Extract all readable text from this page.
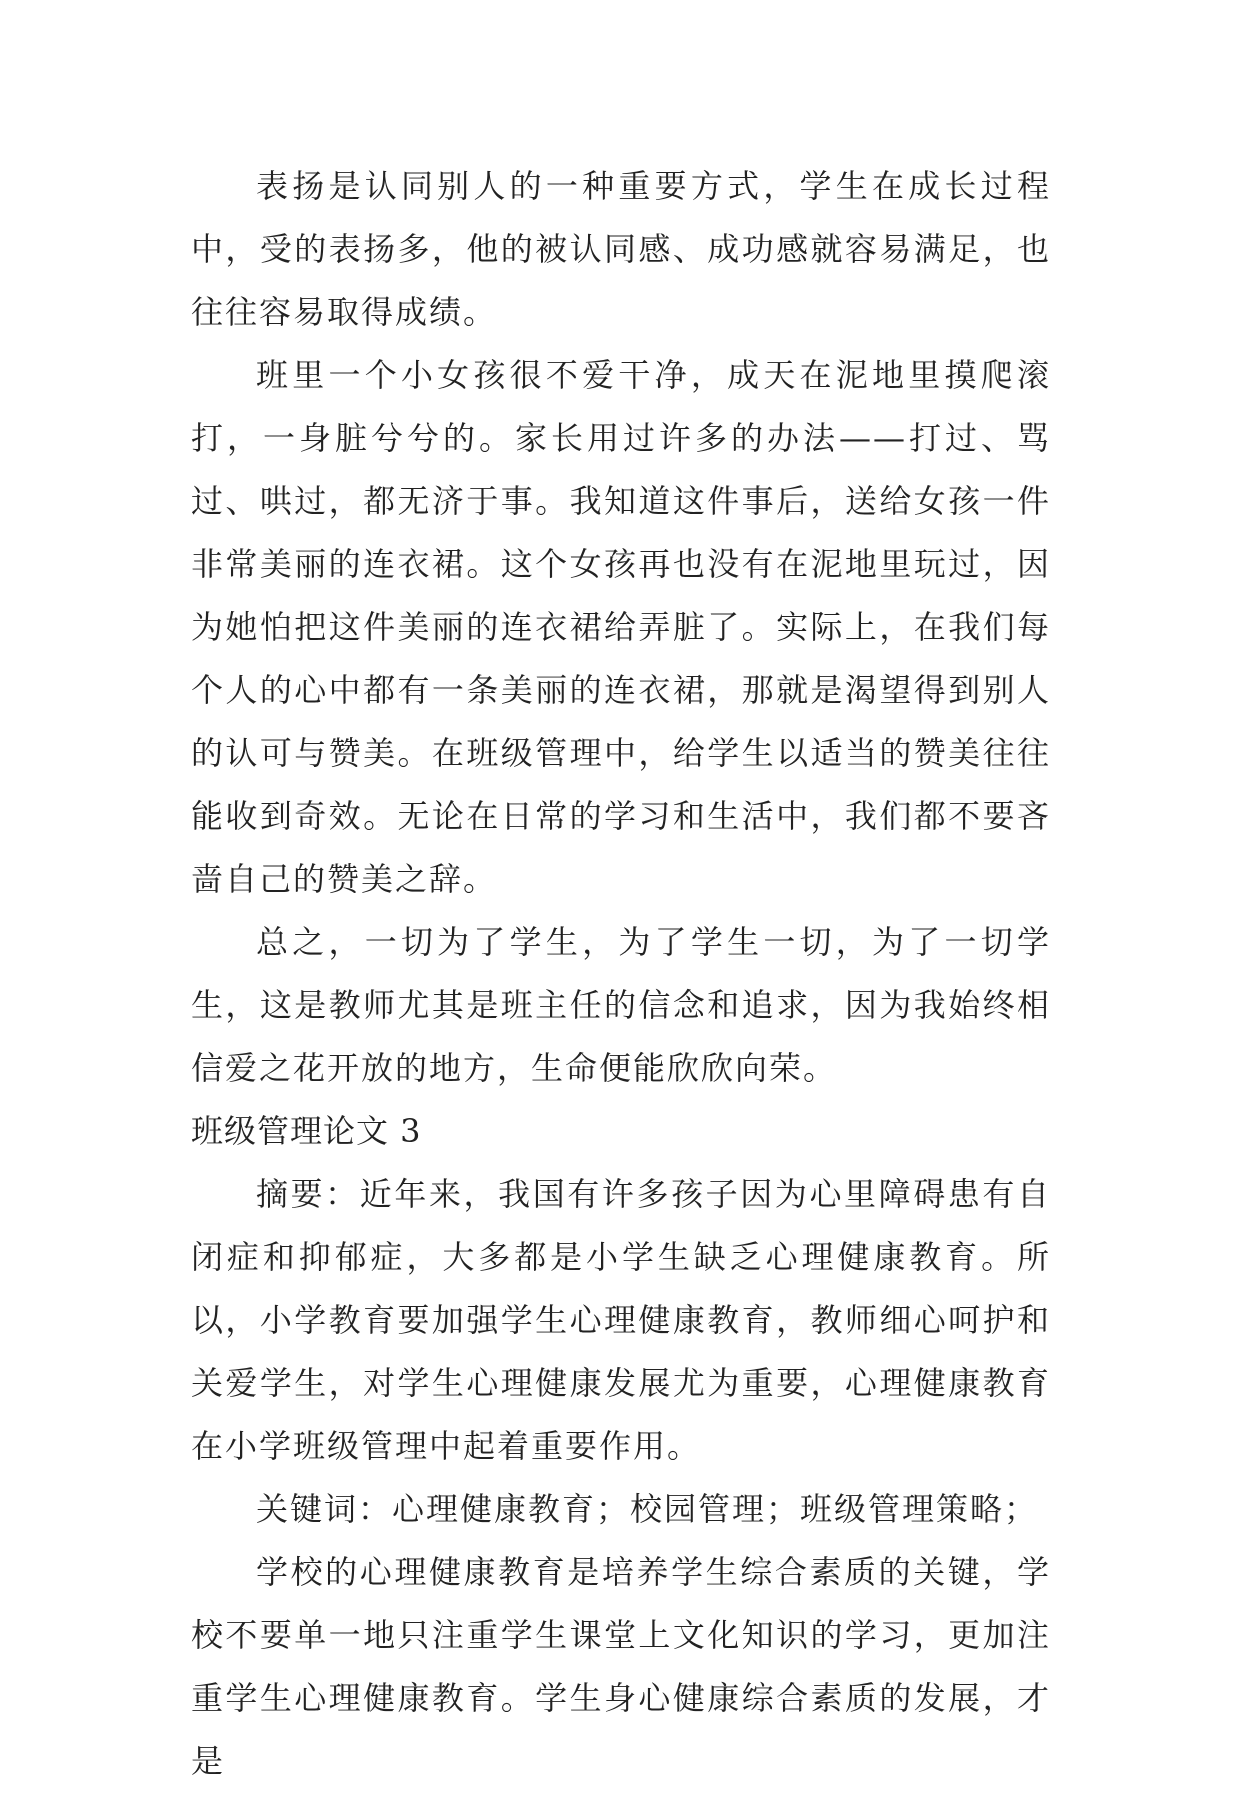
表扬是认同别人的一种重要方式，学生在成长过程中，受的表扬多，他的被认同感、成功感就容易满足，也往往容易取得成绩。

班里一个小女孩很不爱干净，成天在泥地里摸爬滚打，一身脏兮兮的。家长用过许多的办法——打过、骂过、哄过，都无济于事。我知道这件事后，送给女孩一件非常美丽的连衣裙。这个女孩再也没有在泥地里玩过，因为她怕把这件美丽的连衣裙给弄脏了。实际上，在我们每个人的心中都有一条美丽的连衣裙，那就是渴望得到别人的认可与赞美。在班级管理中，给学生以适当的赞美往往能收到奇效。无论在日常的学习和生活中，我们都不要吝啬自己的赞美之辞。

总之，一切为了学生，为了学生一切，为了一切学生，这是教师尤其是班主任的信念和追求，因为我始终相信爱之花开放的地方，生命便能欣欣向荣。

班级管理论文 3

摘要：近年来，我国有许多孩子因为心里障碍患有自闭症和抑郁症，大多都是小学生缺乏心理健康教育。所以，小学教育要加强学生心理健康教育，教师细心呵护和关爱学生，对学生心理健康发展尤为重要，心理健康教育在小学班级管理中起着重要作用。

关键词：心理健康教育；校园管理；班级管理策略；

学校的心理健康教育是培养学生综合素质的关键，学校不要单一地只注重学生课堂上文化知识的学习，更加注重学生心理健康教育。学生身心健康综合素质的发展，才是
